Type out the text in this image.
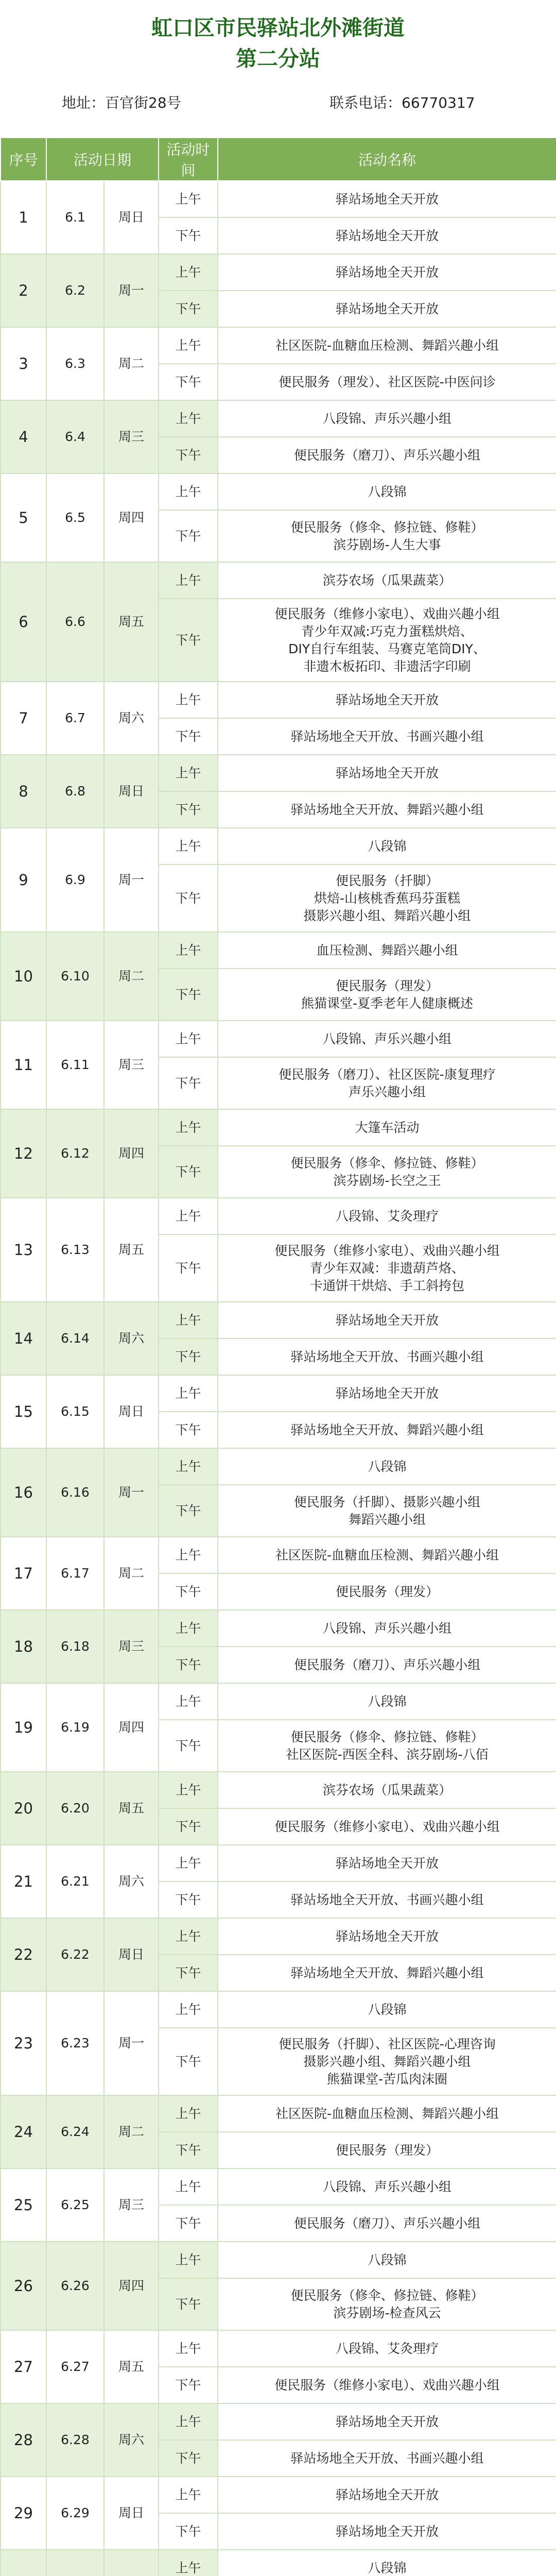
虹口区市民驿站北外滩街道
第二分站
地址：百官街28号	联系电话：66770317
序号	活动日期		活动时间	活动名称
1	6.1	周日	上午	驿站场地全天开放

			下午	驿站场地全天开放

2	6.2	周一	上午	驿站场地全天开放

			下午	驿站场地全天开放

3	6.3	周二	上午	社区医院-血糖血压检测、舞蹈兴趣小组

			下午	便民服务（理发）、社区医院-中医问诊

4	6.4	周三	上午	八段锦、声乐兴趣小组

			下午	便民服务（磨刀）、声乐兴趣小组

5	6.5	周四	上午	八段锦

			下午	便民服务（修伞、修拉链、修鞋）
滨芬剧场-人生大事

6	6.6	周五	上午	滨芬农场（瓜果蔬菜）

			下午	便民服务（维修小家电）、戏曲兴趣小组
青少年双减:巧克力蛋糕烘焙、
DIY自行车组装、马赛克笔筒DIY、
非遗木板拓印、非遗活字印刷

7	6.7	周六	上午	驿站场地全天开放

			下午	驿站场地全天开放、书画兴趣小组

8	6.8	周日	上午	驿站场地全天开放

			下午	驿站场地全天开放、舞蹈兴趣小组

9	6.9	周一	上午	八段锦

			下午	便民服务（扦脚）
烘焙-山核桃香蕉玛芬蛋糕
摄影兴趣小组、舞蹈兴趣小组

10	6.10	周二	上午	血压检测、舞蹈兴趣小组

			下午	便民服务（理发）
熊猫课堂-夏季老年人健康概述

11	6.11	周三	上午	八段锦、声乐兴趣小组

			下午	便民服务（磨刀）、社区医院-康复理疗
声乐兴趣小组

12	6.12	周四	上午	大篷车活动

			下午	便民服务（修伞、修拉链、修鞋）
滨芬剧场-长空之王

13	6.13	周五	上午	八段锦、艾灸理疗

			下午	便民服务（维修小家电）、戏曲兴趣小组
青少年双减：非遗葫芦烙、
卡通饼干烘焙、手工斜挎包

14	6.14	周六	上午	驿站场地全天开放

			下午	驿站场地全天开放、书画兴趣小组

15	6.15	周日	上午	驿站场地全天开放

			下午	驿站场地全天开放、舞蹈兴趣小组

16	6.16	周一	上午	八段锦

			下午	便民服务（扦脚）、摄影兴趣小组
舞蹈兴趣小组

17	6.17	周二	上午	社区医院-血糖血压检测、舞蹈兴趣小组

			下午	便民服务（理发）

18	6.18	周三	上午	八段锦、声乐兴趣小组

			下午	便民服务（磨刀）、声乐兴趣小组

19	6.19	周四	上午	八段锦

			下午	便民服务（修伞、修拉链、修鞋）
社区医院-西医全科、滨芬剧场-八佰

20	6.20	周五	上午	滨芬农场（瓜果蔬菜）

			下午	便民服务（维修小家电）、戏曲兴趣小组

21	6.21	周六	上午	驿站场地全天开放

			下午	驿站场地全天开放、书画兴趣小组

22	6.22	周日	上午	驿站场地全天开放

			下午	驿站场地全天开放、舞蹈兴趣小组

23	6.23	周一	上午	八段锦

			下午	便民服务（扦脚）、社区医院-心理咨询
摄影兴趣小组、舞蹈兴趣小组
熊猫课堂-苦瓜肉沫圈

24	6.24	周二	上午	社区医院-血糖血压检测、舞蹈兴趣小组

			下午	便民服务（理发）

25	6.25	周三	上午	八段锦、声乐兴趣小组

			下午	便民服务（磨刀）、声乐兴趣小组

26	6.26	周四	上午	八段锦

			下午	便民服务（修伞、修拉链、修鞋）
滨芬剧场-检查风云

27	6.27	周五	上午	八段锦、艾灸理疗

			下午	便民服务（维修小家电）、戏曲兴趣小组

28	6.28	周六	上午	驿站场地全天开放

			下午	驿站场地全天开放、书画兴趣小组

29	6.29	周日	上午	驿站场地全天开放

			下午	驿站场地全天开放

			上午	八段锦
